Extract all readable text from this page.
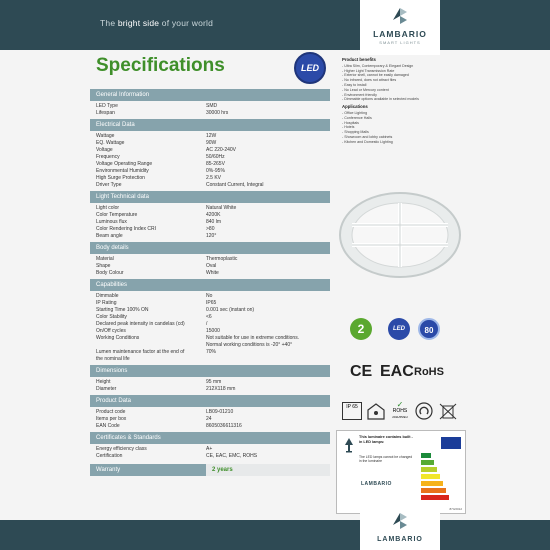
The bright side of your world
LAMBARIO
SMART LIGHTS
Specifications	LED
General Information
LED Type	SMD
Lifespan	30000 hrs
Electrical Data
Wattage	12W
EQ. Wattage	90W
Voltage	AC 220-240V
Frequency	50/60Hz
Voltage Operating Range	85-265V
Environmental Humidity	0%-95%
High Surge Protection	2.5 KV
Driver Type	Constant Current, Integral
Light Technical data
Light color	Natural White
Color Temperature	4200K
Luminous flux	840 lm
Color Rendering Index CRI	>80
Beam angle	120°
Body details
Material	Thermoplastic
Shape	Oval
Body Colour	White
Capabilities
Dimmable	No
IP Rating	IP65
Starting Time 100% ON	0.001 sec (instant on)
Color Stability	<6
Declared peak intensity in candelas (cd)	/
On/Off cycles	15000
Working Conditions	Not suitable for use in extreme conditions.
Normal working conditions is -20° +40°
Lumen maintenance factor at the end of	70%
the nominal life
Dimensions
Height	95 mm
Diameter	212X118 mm
Product Data
Product code	LB09-01210
Items per box	24
EAN Code	8605036611316
Certificates & Standards
Energy efficiency class	A+
Certification	CE, EAC, EMC, ROHS
Warranty	2 years
Product benefits
- Ultra Slim, Contemporary & Elegant Design
- Higher Light Transmission Rate
- Exterior shell, cannot be easily damaged
- No infrared, does not attract flies
- Easy to install
- No Lead or Mercury content
- Environment friendly
- Dimmable options available in selected models
Applications
- Office Lighting
- Conference Halls
- Hospitals
- Hotels
- Shopping Malls
- Showroom and lobby cabinets
- Kitchen and Domestic Lighting
2	LED	80
CE EAC RoHS
IP 65	✓
ROHS
2011/65/EU
This luminaire contains built - in LED lamps:
The LED lamps cannot be changed in the luminaire
LAMBARIO
874/2012
LAMBARIO
